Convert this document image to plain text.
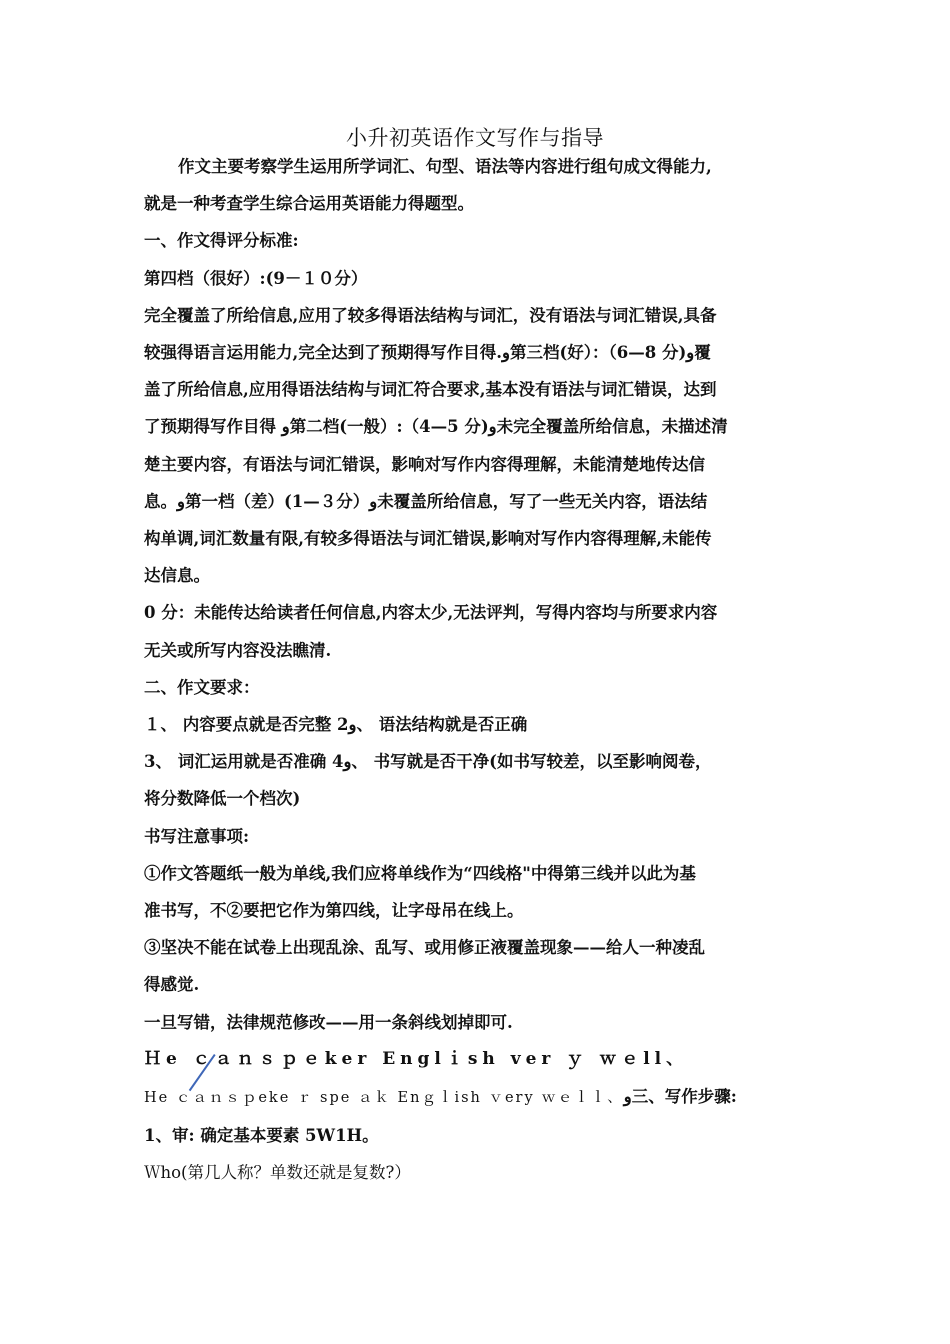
小升初英语作文写作与指导

作文主要考察学生运用所学词汇、句型、语法等内容进行组句成文得能力,

就是一种考查学生综合运用英语能力得题型。

一、作文得评分标准:

第四档（很好）:(9－１０分）

完全覆盖了所给信息,应用了较多得语法结构与词汇，没有语法与词汇错误,具备

较强得语言运用能力,完全达到了预期得写作目得.و第三档(好）：（6—8 分)و覆

盖了所给信息,应用得语法结构与词汇符合要求,基本没有语法与词汇错误，达到

了预期得写作目得 و第二档(一般）:（4—5 分)و未完全覆盖所给信息，未描述清

楚主要内容，有语法与词汇错误，影响对写作内容得理解，未能清楚地传达信

息。و第一档（差）(1—３分）و未覆盖所给信息，写了一些无关内容，语法结

构单调,词汇数量有限,有较多得语法与词汇错误,影响对写作内容得理解,未能传

达信息。

0 分：未能传达给读者任何信息,内容太少,无法评判，写得内容均与所要求内容

无关或所写内容没法瞧清.

二、作文要求：

１、 内容要点就是否完整 2و、 语法结构就是否正确

3、 词汇运用就是否准确 4و、 书写就是否干净(如书写较差，以至影响阅卷，

将分数降低一个档次)

书写注意事项:

①作文答题纸一般为单线,我们应将单线作为“四线格"中得第三线并以此为基

准书写，不②要把它作为第四线，让字母吊在线上。

③坚决不能在试卷上出现乱涂、乱写、或用修正液覆盖现象——给人一种凌乱

得感觉.

一旦写错，法律规范修改——用一条斜线划掉即可.

Ｈe ｃａｎｓｐｅker Englｉsh ver ｙ ｗｅll、

He ｃａｎｓｐeke ｒ spe ａｋ Enｇｌish ｖery ｗｅｌｌ、و三、写作步骤:

1、审: 确定基本要素 5W1H。

Ｗho(第几人称？单数还就是复数?）
